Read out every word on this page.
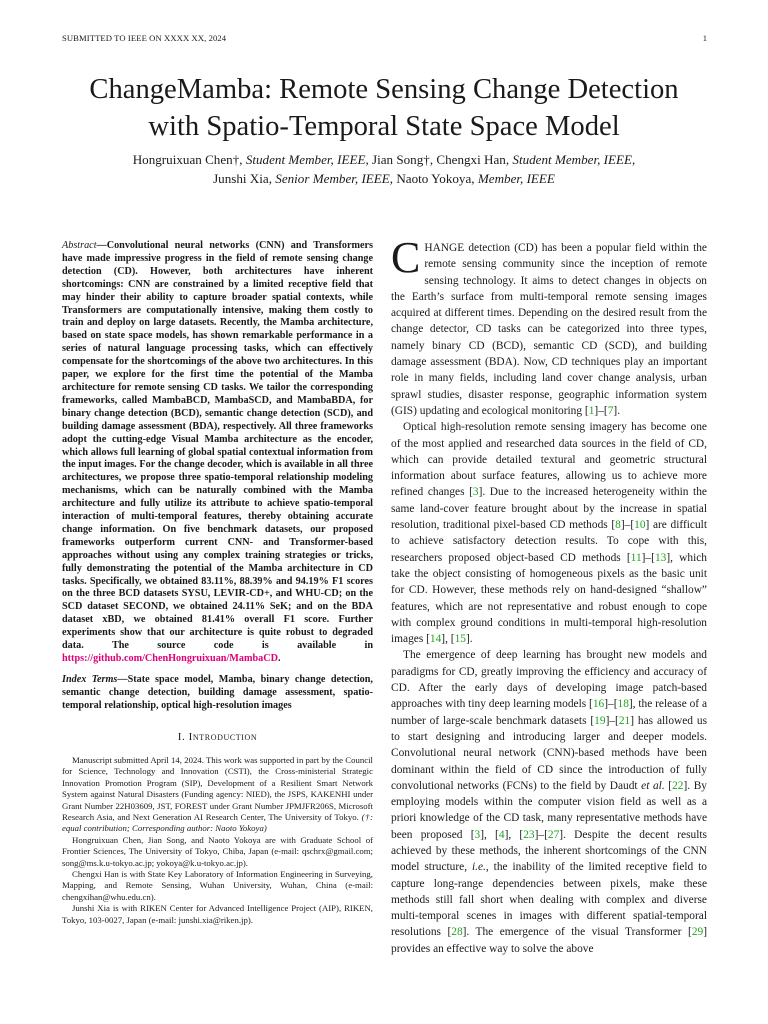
SUBMITTED TO IEEE ON XXXX XX, 2024	1
ChangeMamba: Remote Sensing Change Detection
with Spatio-Temporal State Space Model
Hongruixuan Chen†, Student Member, IEEE, Jian Song†, Chengxi Han, Student Member, IEEE,
Junshi Xia, Senior Member, IEEE, Naoto Yokoya, Member, IEEE
Abstract—Convolutional neural networks (CNN) and Transformers have made impressive progress in the field of remote sensing change detection (CD). However, both architectures have inherent shortcomings: CNN are constrained by a limited receptive field that may hinder their ability to capture broader spatial contexts, while Transformers are computationally intensive, making them costly to train and deploy on large datasets. Recently, the Mamba architecture, based on state space models, has shown remarkable performance in a series of natural language processing tasks, which can effectively compensate for the shortcomings of the above two architectures. In this paper, we explore for the first time the potential of the Mamba architecture for remote sensing CD tasks. We tailor the corresponding frameworks, called MambaBCD, MambaSCD, and MambaBDA, for binary change detection (BCD), semantic change detection (SCD), and building damage assessment (BDA), respectively. All three frameworks adopt the cutting-edge Visual Mamba architecture as the encoder, which allows full learning of global spatial contextual information from the input images. For the change decoder, which is available in all three architectures, we propose three spatio-temporal relationship modeling mechanisms, which can be naturally combined with the Mamba architecture and fully utilize its attribute to achieve spatio-temporal interaction of multi-temporal features, thereby obtaining accurate change information. On five benchmark datasets, our proposed frameworks outperform current CNN- and Transformer-based approaches without using any complex training strategies or tricks, fully demonstrating the potential of the Mamba architecture in CD tasks. Specifically, we obtained 83.11%, 88.39% and 94.19% F1 scores on the three BCD datasets SYSU, LEVIR-CD+, and WHU-CD; on the SCD dataset SECOND, we obtained 24.11% SeK; and on the BDA dataset xBD, we obtained 81.41% overall F1 score. Further experiments show that our architecture is quite robust to degraded data. The source code is available in https://github.com/ChenHongruixuan/MambaCD.
Index Terms—State space model, Mamba, binary change detection, semantic change detection, building damage assessment, spatio-temporal relationship, optical high-resolution images
I. Introduction

Manuscript submitted April 14, 2024. This work was supported in part by the Council for Science, Technology and Innovation (CSTI), the Cross-ministerial Strategic Innovation Promotion Program (SIP), Development of a Resilient Smart Network System against Natural Disasters (Funding agency: NIED), the JSPS, KAKENHI under Grant Number 22H03609, JST, FOREST under Grant Number JPMJFR206S, Microsoft Research Asia, and Next Generation AI Research Center, The University of Tokyo. (†: equal contribution; Corresponding author: Naoto Yokoya)

Hongruixuan Chen, Jian Song, and Naoto Yokoya are with Graduate School of Frontier Sciences, The University of Tokyo, Chiba, Japan (e-mail: qschrx@gmail.com; song@ms.k.u-tokyo.ac.jp; yokoya@k.u-tokyo.ac.jp).

Chengxi Han is with State Key Laboratory of Information Engineering in Surveying, Mapping, and Remote Sensing, Wuhan University, Wuhan, China (e-mail: chengxihan@whu.edu.cn).

Junshi Xia is with RIKEN Center for Advanced Intelligence Project (AIP), RIKEN, Tokyo, 103-0027, Japan (e-mail: junshi.xia@riken.jp).

CHANGE detection (CD) has been a popular field within the remote sensing community since the inception of remote sensing technology. It aims to detect changes in objects on the Earth’s surface from multi-temporal remote sensing images acquired at different times. Depending on the desired result from the change detector, CD tasks can be categorized into three types, namely binary CD (BCD), semantic CD (SCD), and building damage assessment (BDA). Now, CD techniques play an important role in many fields, including land cover change analysis, urban sprawl studies, disaster response, geographic information system (GIS) updating and ecological monitoring [1]–[7].

Optical high-resolution remote sensing imagery has become one of the most applied and researched data sources in the field of CD, which can provide detailed textural and geometric structural information about surface features, allowing us to achieve more refined changes [3]. Due to the increased heterogeneity within the same land-cover feature brought about by the increase in spatial resolution, traditional pixel-based CD methods [8]–[10] are difficult to achieve satisfactory detection results. To cope with this, researchers proposed object-based CD methods [11]–[13], which take the object consisting of homogeneous pixels as the basic unit for CD. However, these methods rely on hand-designed “shallow” features, which are not representative and robust enough to cope with complex ground conditions in multi-temporal high-resolution images [14], [15].

The emergence of deep learning has brought new models and paradigms for CD, greatly improving the efficiency and accuracy of CD. After the early days of developing image patch-based approaches with tiny deep learning models [16]–[18], the release of a number of large-scale benchmark datasets [19]–[21] has allowed us to start designing and introducing larger and deeper models. Convolutional neural network (CNN)-based methods have been dominant within the field of CD since the introduction of fully convolutional networks (FCNs) to the field by Daudt et al. [22]. By employing models within the computer vision field as well as a priori knowledge of the CD task, many representative methods have been proposed [3], [4], [23]–[27]. Despite the decent results achieved by these methods, the inherent shortcomings of the CNN model structure, i.e., the inability of the limited receptive field to capture long-range dependencies between pixels, make these methods still fall short when dealing with complex and diverse multi-temporal scenes in images with different spatial-temporal resolutions [28]. The emergence of the visual Transformer [29] provides an effective way to solve the above
